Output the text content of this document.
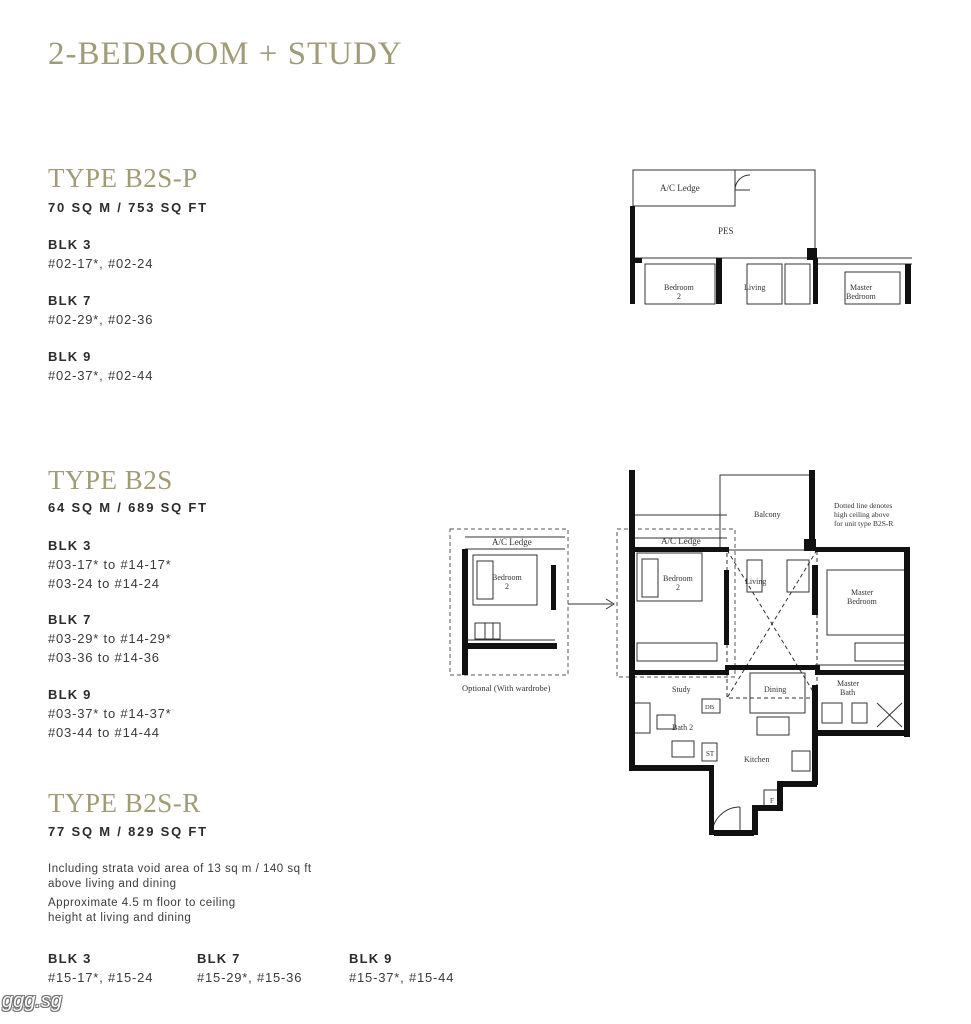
2-BEDROOM + STUDY
TYPE B2S-P
70 SQ M / 753 SQ FT
BLK 3
#02-17*, #02-24
BLK 7
#02-29*, #02-36
BLK 9
#02-37*, #02-44
TYPE B2S
64 SQ M / 689 SQ FT
BLK 3
#03-17* to #14-17*
#03-24 to #14-24
BLK 7
#03-29* to #14-29*
#03-36 to #14-36
BLK 9
#03-37* to #14-37*
#03-44 to #14-44
TYPE B2S-R
77 SQ M / 829 SQ FT
Including strata void area of 13 sq m / 140 sq ft
above living and dining
Approximate 4.5 m floor to ceiling
height at living and dining
BLK 3
#15-17*, #15-24
BLK 7
#15-29*, #15-36
BLK 9
#15-37*, #15-44
A/C Ledge
PES
Bedroom
2
Living	Master
Bedroom
A/C Ledge
Bedroom
2
Optional (With wardrobe)
Balcony
Dotted line denotes
high ceiling above
for unit type B2S-R
A/C Ledge
Bedroom
2
Living
Master
Bedroom
Study	Dining
Master
Bath
DB
Bath 2
ST
Kitchen
F
ggg.sg
